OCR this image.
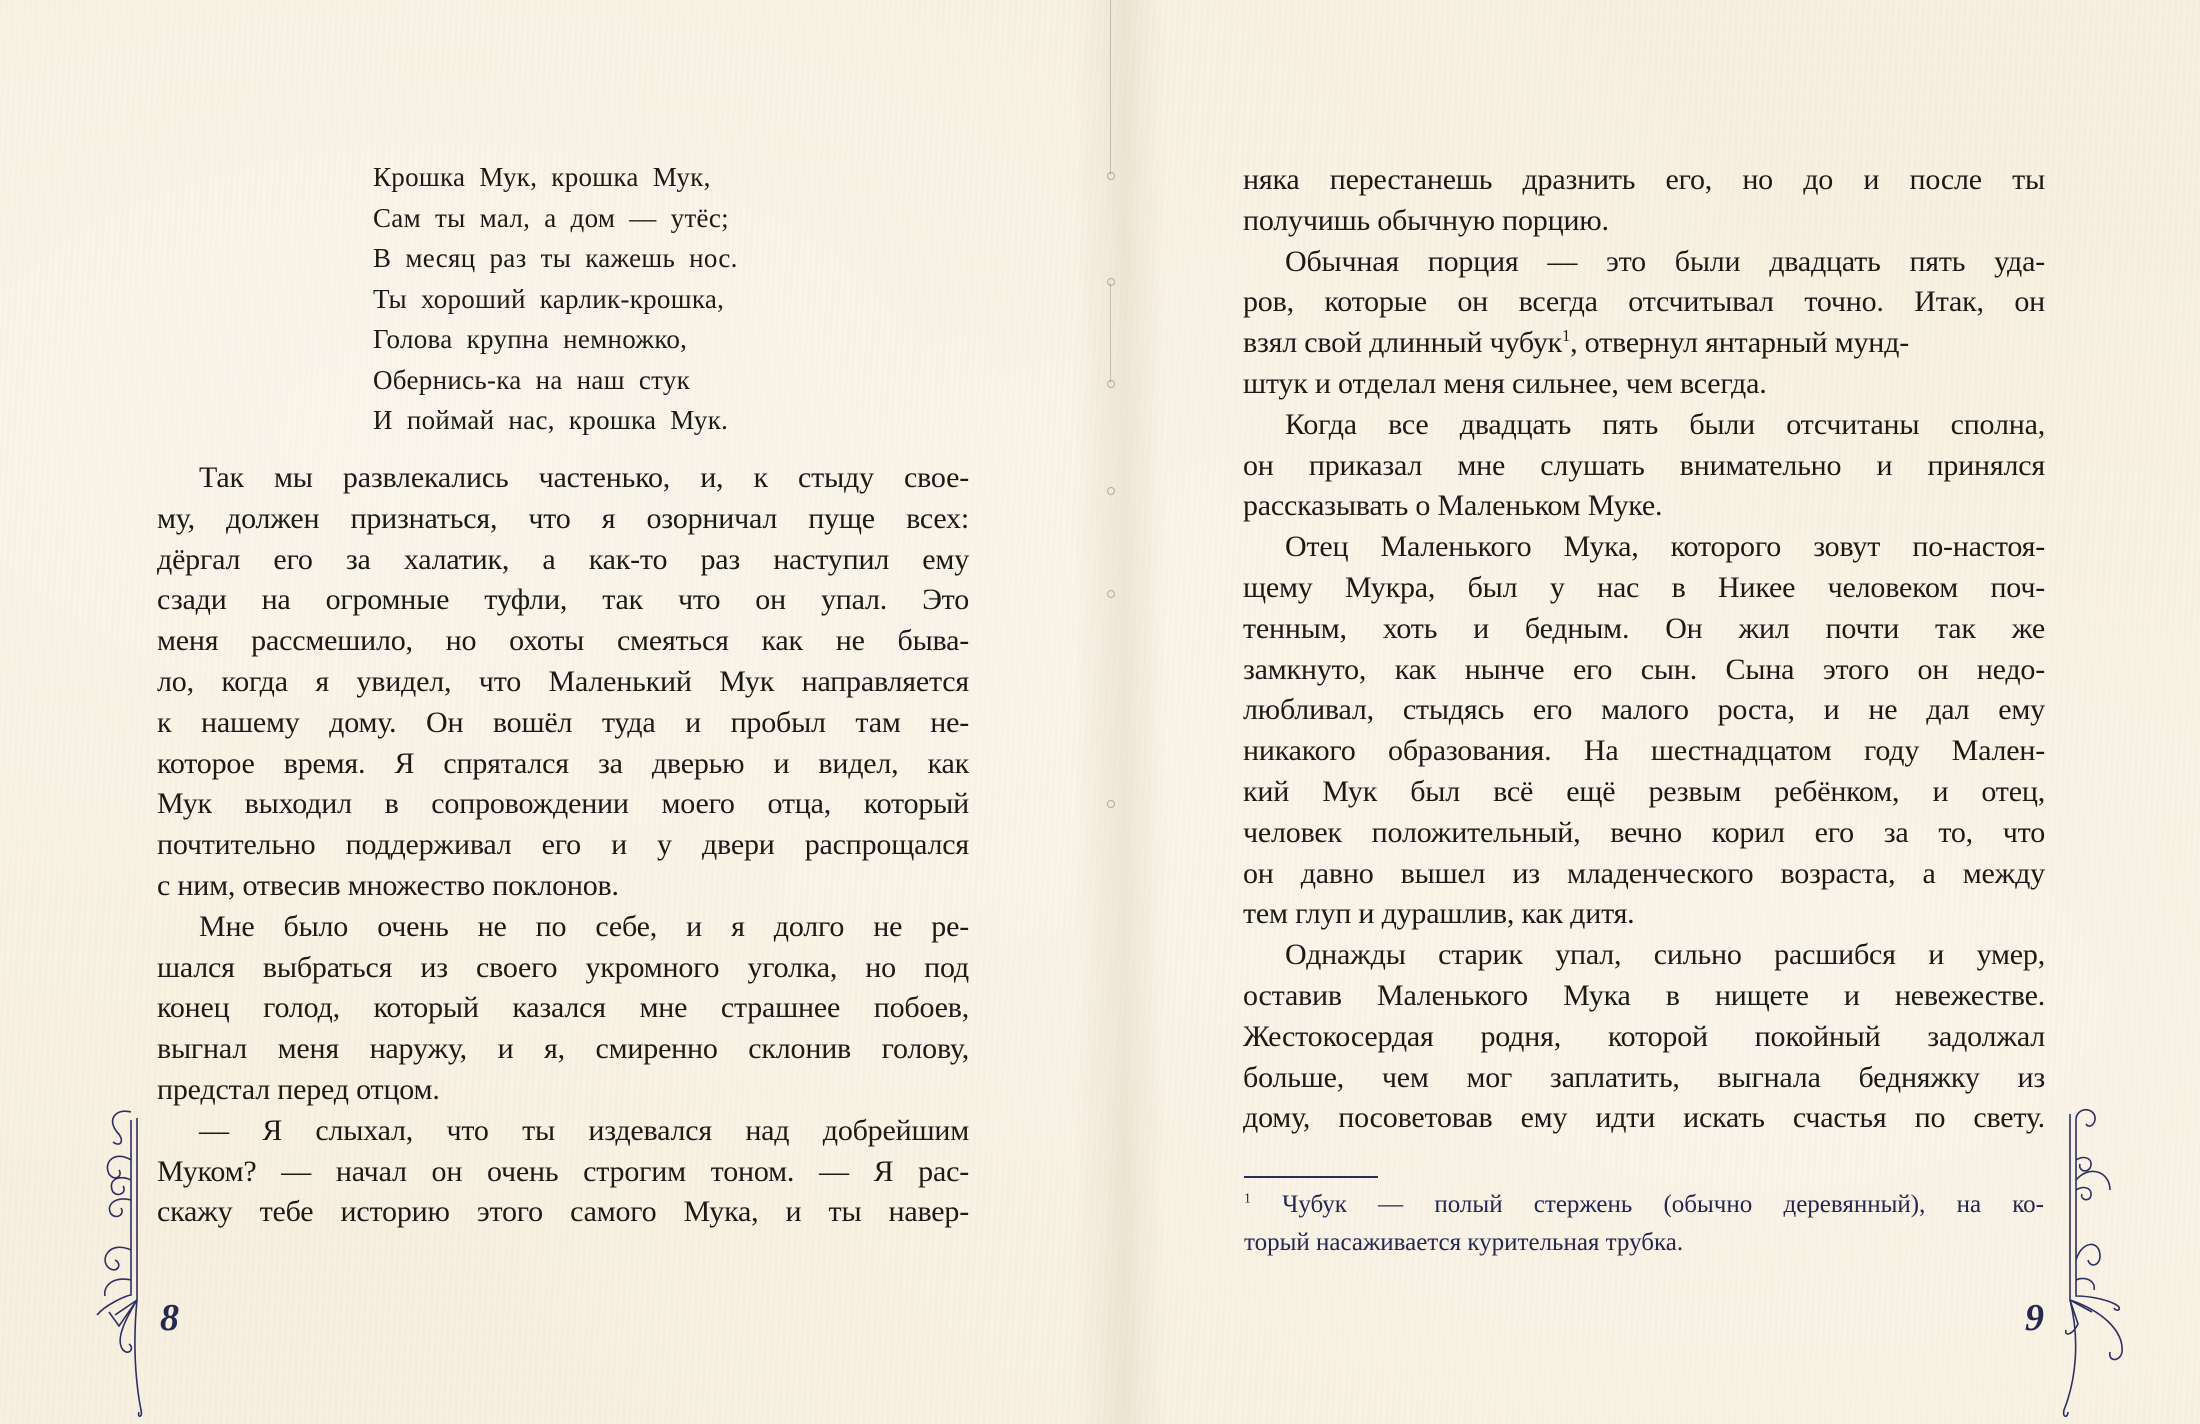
Крошка Мук, крошка Мук,
Сам ты мал, а дом — утёс;
В месяц раз ты кажешь нос.
Ты хороший карлик-крошка,
Голова крупна немножко,
Обернись-ка на наш стук
И поймай нас, крошка Мук.
Так мы развлекались частенько, и, к стыду свое-
му, должен признаться, что я озорничал пуще всех:
дёргал его за халатик, а как-то раз наступил ему
сзади на огромные туфли, так что он упал. Это
меня рассмешило, но охоты смеяться как не быва-
ло, когда я увидел, что Маленький Мук направляется
к нашему дому. Он вошёл туда и пробыл там не-
которое время. Я спрятался за дверью и видел, как
Мук выходил в сопровождении моего отца, который
почтительно поддерживал его и у двери распрощался
с ним, отвесив множество поклонов.
Мне было очень не по себе, и я долго не ре-
шался выбраться из своего укромного уголка, но под
конец голод, который казался мне страшнее побоев,
выгнал меня наружу, и я, смиренно склонив голову,
предстал перед отцом.
— Я слыхал, что ты издевался над добрейшим
Муком? — начал он очень строгим тоном. — Я рас-
скажу тебе историю этого самого Мука, и ты навер-
8
няка перестанешь дразнить его, но до и после ты
получишь обычную порцию.
Обычная порция — это были двадцать пять уда-
ров, которые он всегда отсчитывал точно. Итак, он
взял свой длинный чубук$^1$, отвернул янтарный мунд-
штук и отделал меня сильнее, чем всегда.
Когда все двадцать пять были отсчитаны сполна,
он приказал мне слушать внимательно и принялся
рассказывать о Маленьком Муке.
Отец Маленького Мука, которого зовут по-настоя-
щему Мукра, был у нас в Никее человеком поч-
тенным, хоть и бедным. Он жил почти так же
замкнуто, как нынче его сын. Сына этого он недо-
любливал, стыдясь его малого роста, и не дал ему
никакого образования. На шестнадцатом году Мален-
кий Мук был всё ещё резвым ребёнком, и отец,
человек положительный, вечно корил его за то, что
он давно вышел из младенческого возраста, а между
тем глуп и дурашлив, как дитя.
Однажды старик упал, сильно расшибся и умер,
оставив Маленького Мука в нищете и невежестве.
Жестокосердая родня, которой покойный задолжал
больше, чем мог заплатить, выгнала бедняжку из
дому, посоветовав ему идти искать счастья по свету.
$^1$ Чубук — полый стержень (обычно деревянный), на ко-
торый насаживается курительная трубка.
9
